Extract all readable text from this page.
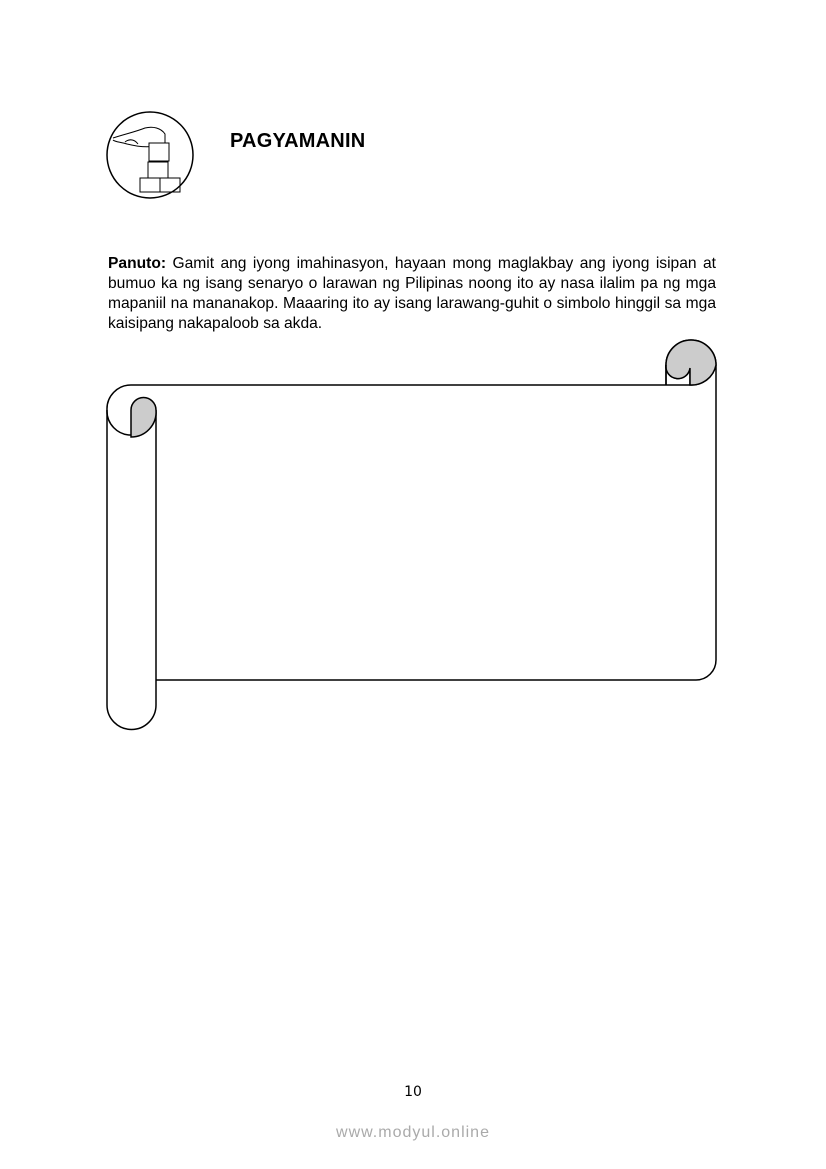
PAGYAMANIN
Panuto: Gamit ang iyong imahinasyon, hayaan mong maglakbay ang iyong isipan at bumuo ka ng isang senaryo o larawan ng Pilipinas noong ito ay nasa ilalim pa ng mga mapaniil na mananakop. Maaaring ito ay isang larawang-guhit o simbolo hinggil sa mga kaisipang nakapaloob sa akda.
10
www.modyul.online
